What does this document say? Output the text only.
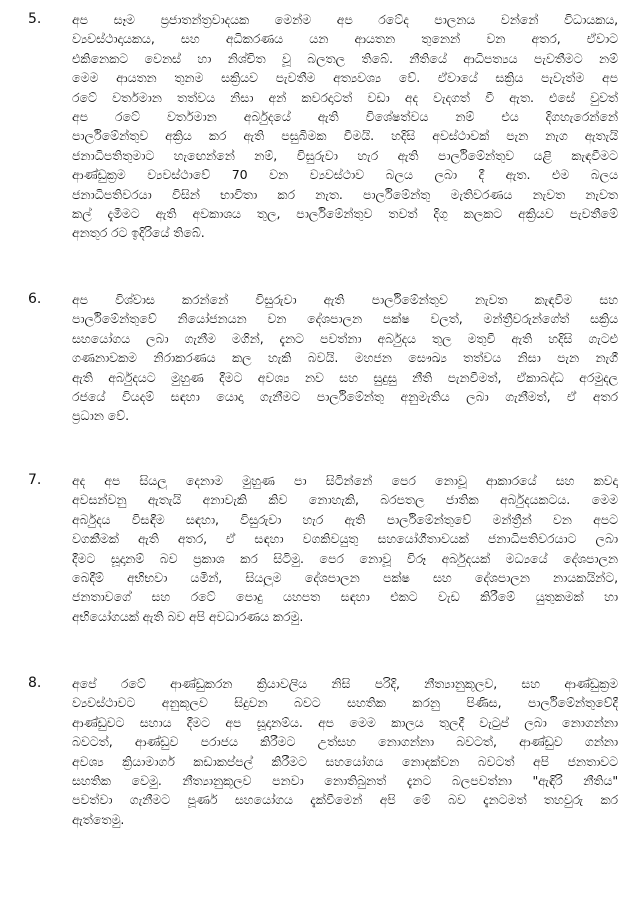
5.	අප සෑම ප්‍රජාතන්ත්‍රවාදයක මෙන්ම අප රටේද පාලනය වන්නේ විධායකය,
ව්‍යවස්ථාදායකය, සහ අධිකරණය යන ආයතන තුනෙන් වන අතර, ඒවාට
එකිනෙකට වෙනස් හා නිශ්චිත වූ බලතල තිබේ. නීතියේ ආධිපත්‍යය පැවතීමට නම්
මෙම ආයතන තුනම සක්‍රියව පැවතීම අත්‍යවශ්‍ය වේ. ඒවායේ සක්‍රිය පැවැත්ම අප
රටේ වර්තමාන තත්වය නිසා අන් කවරදාටත් වඩා අද වැදගත් වී ඇත. එසේ වුවත්
අප රටේ වර්තමාන අර්බුදයේ ඇති විශේෂත්වය නම් එය දිගහැරෙන්නේ
පාර්ලිමේන්තුව අක්‍රිය කර ඇති පසුබිමක වීමයි. හදිසි අවස්ථාවක් පැන නැග ඇතැයි
ජනාධිපතිතුමාට හැඟෙන්නේ නම්, විසුරුවා හැර ඇති පාර්ලිමේන්තුව යළි කැඳවීමට
ආණ්ඩුක්‍රම ව්‍යවස්ථාවේ 70 වන ව්‍යවස්ථාව බලය ලබා දී ඇත. එම බලය
ජනාධිපතිවරයා විසින් භාවිතා කර නැත. පාර්ලිමේන්තු මැතිවරණය නැවත නැවත
කල් දැමීමට ඇති අවකාශය තුල, පාර්ලිමේන්තුව තවත් දිගු කලකට අක්‍රියව පැවතීමේ
අනතුර රට ඉදිරියේ තිබේ.
6.	අප විශ්වාස කරන්නේ විසුරුවා ඇති පාර්ලිමේන්තුව නැවත කැඳවීම සහ
පාර්ලිමේන්තුවේ නියෝජනයන වන දේශපාලන පක්ෂ වලත්, මන්ත්‍රීවරුන්ගේත් සක්‍රිය
සහයෝගය ලබා ගැනීම මගින්, දැනට පවත්නා අර්බුදය තුල මතුවී ඇති හදිසි ගැටළු
ගණනාවකම නිරාකරණය කල හැකි බවයි. මහජන සෞඛ්‍ය තත්වය නිසා පැන නැගී
ඇති අර්බුදයට මුහුණ දීමට අවශ්‍ය නව සහ සුදුසු නීති පැනවීමත්, ඒකාබද්ධ අරමුදල
රජයේ වියදම් සඳහා යොදා ගැනීමට පාර්ලිමේන්තු අනුමැතිය ලබා ගැනීමත්, ඒ අතර
ප්‍රධාන වේ.
7.	අද අප සියලු දෙනාම මුහුණ පා සිටින්නේ පෙර නොවූ ආකාරයේ සහ කවදා
අවසන්වනු ඇතැයි අනාවැකි කිව නොහැකි, බරපතල ජාතික අර්බුදයකටය. මෙම
අර්බුදය විසඳීම සඳහා, විසුරුවා හැර ඇති පාර්ලිමේන්තුවේ මන්ත්‍රීන් වන අපට
වගකීමක් ඇති අතර, ඒ සඳහා වගකිවයුතු සහයෝගීතාවයක් ජනාධිපතිවරයාට ලබා
දීමට සූදානම් බව ප්‍රකාශ කර සිටිමු. පෙර නොවූ විරූ අර්බුදයක් මධ්‍යයේ දේශපාලන
බෙදීම් අභිභවා යමින්, සියලුම දේශපාලන පක්ෂ සහ දේශපාලන නායකයින්ට,
ජනතාවගේ සහ රටේ පොදු යහපත සඳහා එකට වැඩ කිරීමේ යුතුකමක් හා
අභියෝගයක් ඇති බව අපි අවධාරණය කරමු.
8.	අපේ රටේ ආණ්ඩුකරන ක්‍රියාවලිය නිසි පරිදි, නීත්‍යානුකූලව, සහ ආණ්ඩුක්‍රම
ව්‍යවස්ථාවට අනුකූලව සිදුවන බවට සහතික කරනු පිණිස, පාර්ලිමේන්තුවේදී
ආණ්ඩුවට සහාය දීමට අප සූදානම්ය. අප මෙම කාලය තුලදී වැටුප් ලබා නොගන්නා
බවටත්, ආණ්ඩුව පරාජය කිරීමට උත්සහ නොගන්නා බවටත්, ආණ්ඩුව ගන්නා
අවශ්‍ය ක්‍රියාමාර්ග කඩාකප්පල් කිරීමට සහයෝගය නොදක්වන බවටත් අපි ජනතාවට
සහතික වෙමු. නීත්‍යානුකූලව පනවා නොතිබුනත් දැනට බලපවත්නා "ඇඳිරි නීතිය"
පවත්වා ගැනීමට පූර්ණ සහයෝගය දැක්වීමෙන් අපි මේ බව දැනටමත් තහවුරු කර
ඇත්තෙමු.
